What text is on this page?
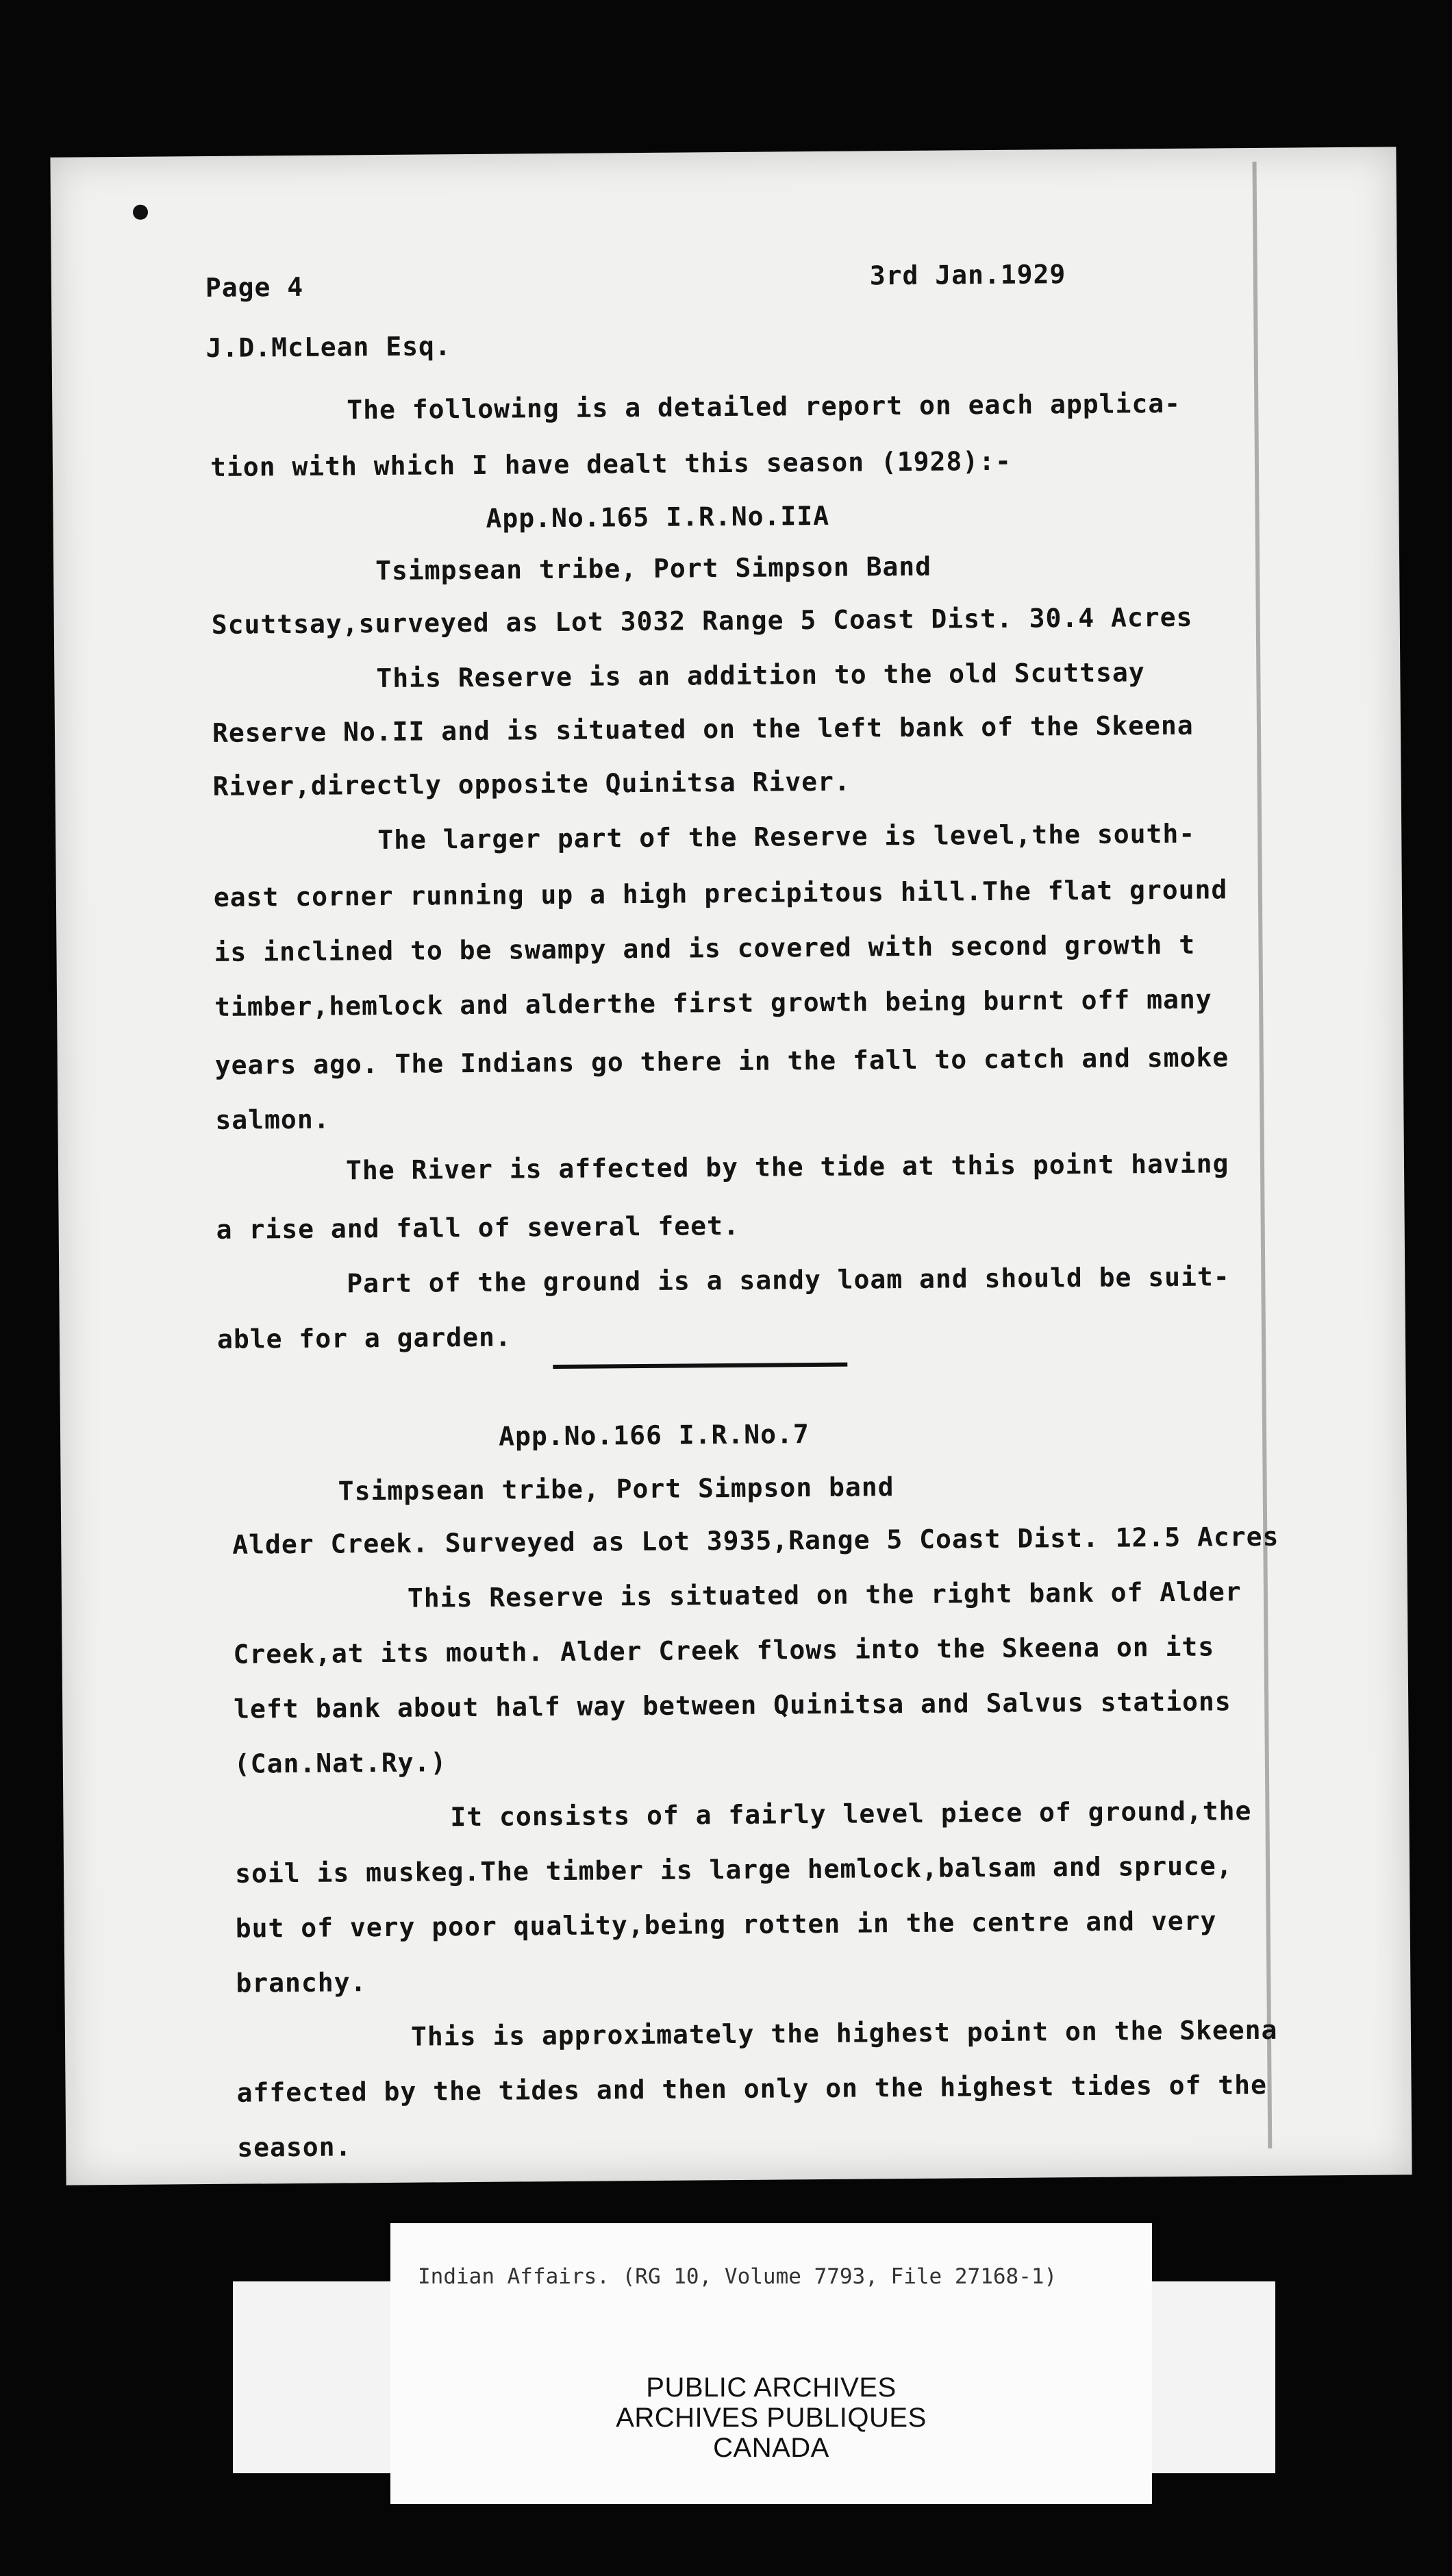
Page 4	3rd Jan.1929
J.D.McLean Esq.
The following is a detailed report on each applica-
tion with which I have dealt this season (1928):-
App.No.165 I.R.No.IIA
Tsimpsean tribe, Port Simpson Band
Scuttsay,surveyed as Lot 3032 Range 5 Coast Dist. 30.4 Acres
This Reserve is an addition to the old Scuttsay
Reserve No.II and is situated on the left bank of the Skeena
River,directly opposite Quinitsa River.
The larger part of the Reserve is level,the south-
east corner running up a high precipitous hill.The flat ground
is inclined to be swampy and is covered with second growth t
timber,hemlock and alderthe first growth being burnt off many
years ago. The Indians go there in the fall to catch and smoke
salmon.
The River is affected by the tide at this point having
a rise and fall of several feet.
Part of the ground is a sandy loam and should be suit-
able for a garden.
App.No.166 I.R.No.7
Tsimpsean tribe, Port Simpson band
Alder Creek. Surveyed as Lot 3935,Range 5 Coast Dist. 12.5 Acres
This Reserve is situated on the right bank of Alder
Creek,at its mouth. Alder Creek flows into the Skeena on its
left bank about half way between Quinitsa and Salvus stations
(Can.Nat.Ry.)
It consists of a fairly level piece of ground,the
soil is muskeg.The timber is large hemlock,balsam and spruce,
but of very poor quality,being rotten in the centre and very
branchy.
This is approximately the highest point on the Skeena
affected by the tides and then only on the highest tides of the
season.
Indian Affairs. (RG 10, Volume 7793, File 27168-1)
PUBLIC ARCHIVES
ARCHIVES PUBLIQUES
CANADA
